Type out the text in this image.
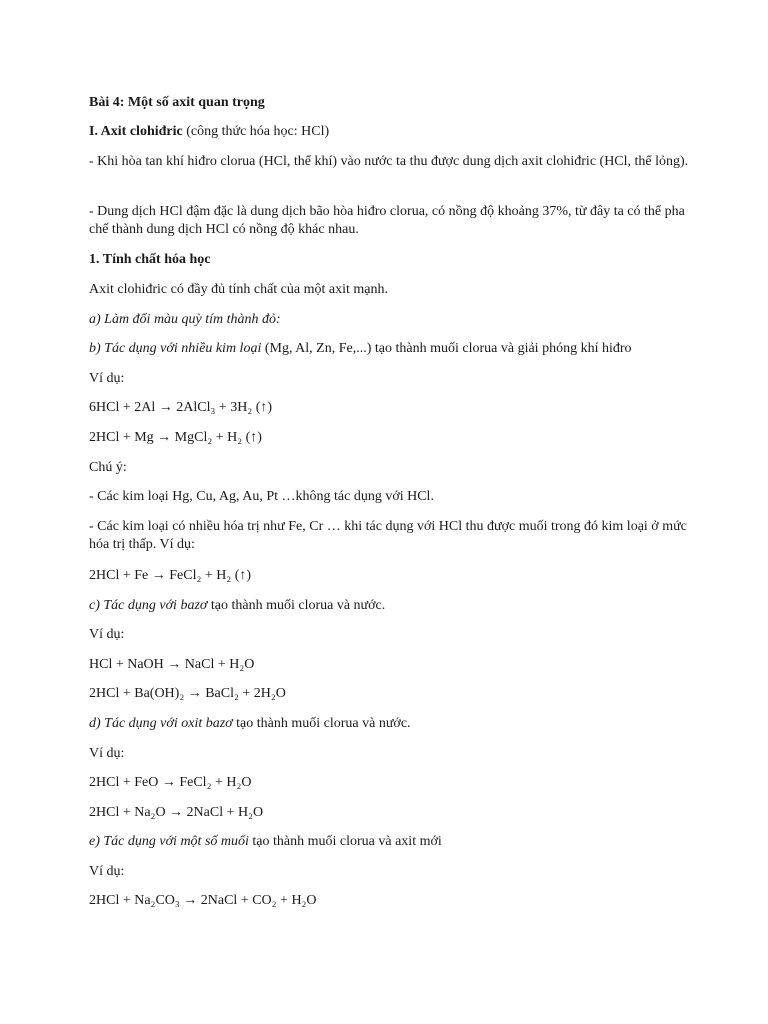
Bài 4: Một số axit quan trọng

I. Axit clohiđric (công thức hóa học: HCl)

- Khi hòa tan khí hiđro clorua (HCl, thể khí) vào nước ta thu được dung dịch axit clohiđric (HCl, thể lỏng).

- Dung dịch HCl đậm đặc là dung dịch bão hòa hiđro clorua, có nồng độ khoảng 37%, từ đây ta có thể pha chế thành dung dịch HCl có nồng độ khác nhau.

1. Tính chất hóa học

Axit clohiđric có đầy đủ tính chất của một axit mạnh.

a) Làm đổi màu quỳ tím thành đỏ:

b) Tác dụng với nhiều kim loại (Mg, Al, Zn, Fe,...) tạo thành muối clorua và giải phóng khí hiđro

Ví dụ:

6HCl + 2Al → 2AlCl₃ + 3H₂ (↑)

2HCl + Mg → MgCl₂ + H₂ (↑)

Chú ý:

- Các kim loại Hg, Cu, Ag, Au, Pt …không tác dụng với HCl.

- Các kim loại có nhiều hóa trị như Fe, Cr … khi tác dụng với HCl thu được muối trong đó kim loại ở mức hóa trị thấp. Ví dụ:

2HCl + Fe → FeCl₂ + H₂ (↑)

c) Tác dụng với bazơ tạo thành muối clorua và nước.

Ví dụ:

HCl + NaOH → NaCl + H₂O

2HCl + Ba(OH)₂ → BaCl₂ + 2H₂O

d) Tác dụng với oxit bazơ tạo thành muối clorua và nước.

Ví dụ:

2HCl + FeO → FeCl₂ + H₂O

2HCl + Na₂O → 2NaCl + H₂O

e) Tác dụng với một số muối tạo thành muối clorua và axit mới

Ví dụ:

2HCl + Na₂CO₃ → 2NaCl + CO₂ + H₂O
